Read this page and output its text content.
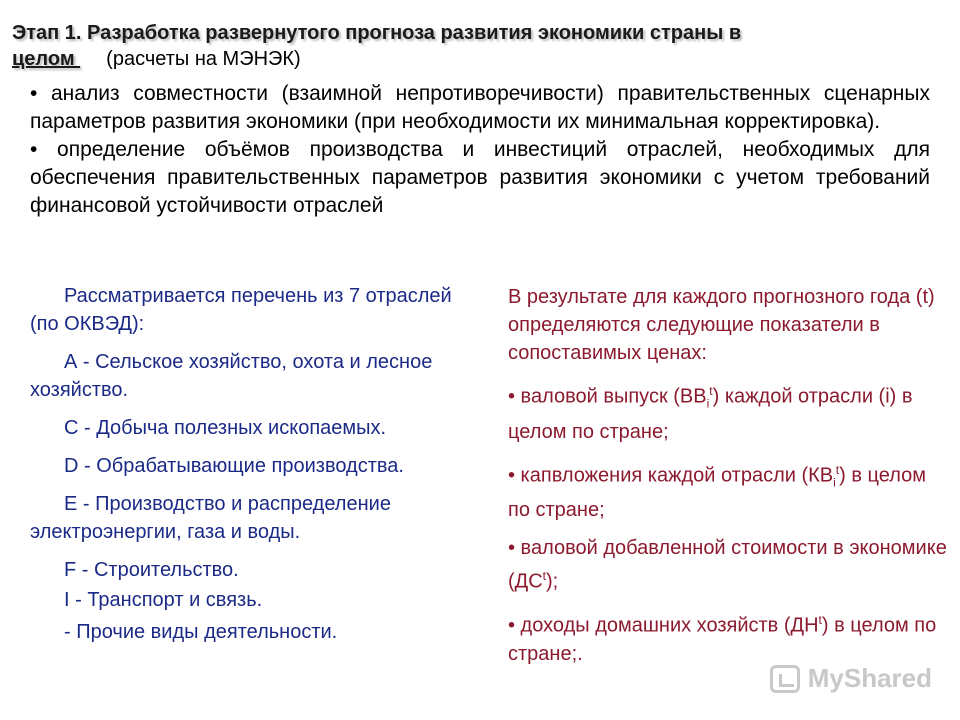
Этап 1. Разработка развернутого прогноза развития экономики страны в
целом (расчеты на МЭНЭК)

• анализ совместности (взаимной непротиворечивости) правительственных сценарных параметров развития экономики (при необходимости их минимальная корректировка).

• определение объёмов производства и инвестиций отраслей, необходимых для обеспечения правительственных параметров развития экономики с учетом требований финансовой устойчивости отраслей

Рассматривается перечень из 7 отраслей (по ОКВЭД):

А - Сельское хозяйство, охота и лесное хозяйство.

С - Добыча полезных ископаемых.

D - Обрабатывающие производства.

Е - Производство и распределение электроэнергии, газа и воды.

F - Строительство.

I - Транспорт и связь.

- Прочие виды деятельности.

В результате для каждого прогнозного года (t) определяются следующие показатели в сопоставимых ценах:

• валовой выпуск $(ВВ_i^t)$ каждой отрасли (i) в целом по стране;

• капвложения каждой отрасли $(КВ_i^t)$ в целом по стране;

• валовой добавленной стоимости в экономике $(ДС^t)$;

• доходы домашних хозяйств $(ДН^t)$ в целом по стране;.

MyShared
